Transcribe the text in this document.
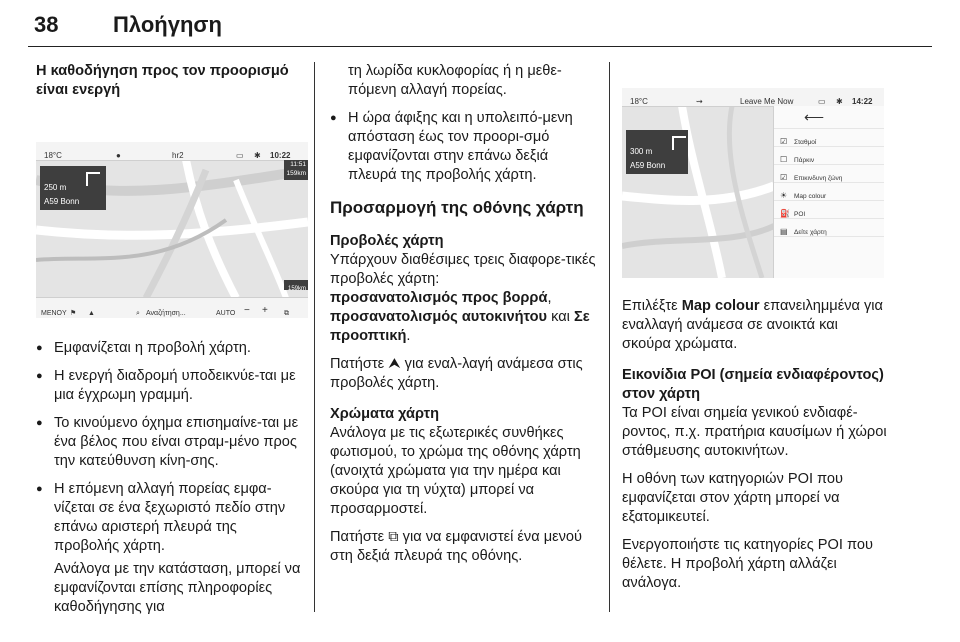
38 Πλοήγηση
Η καθοδήγηση προς τον προορισμό είναι ενεργή
18°C	●	hr2	▭ ✱ 10:22
250 m
A59 Bonn
11:51
159km
159km
MENOY ⚑ ▲	⌕ Αναζήτηση...	AUTO − + ⧉

● Εμφανίζεται η προβολή χάρτη.

● Η ενεργή διαδρομή υποδεικνύε-ται με μια έγχρωμη γραμμή.

● Το κινούμενο όχημα επισημαίνε-ται με ένα βέλος που είναι στραμ-μένο προς την κατεύθυνση κίνη-σης.

● Η επόμενη αλλαγή πορείας εμφα-νίζεται σε ένα ξεχωριστό πεδίο στην επάνω αριστερή πλευρά της προβολής χάρτη.

Ανάλογα με την κατάσταση, μπορεί να εμφανίζονται επίσης πληροφορίες καθοδήγησης για

τη λωρίδα κυκλοφορίας ή η μεθε-πόμενη αλλαγή πορείας.

● Η ώρα άφιξης και η υπολειπό-μενη απόσταση έως τον προορι-σμό εμφανίζονται στην επάνω δεξιά πλευρά της προβολής χάρτη.

Προσαρμογή της οθόνης χάρτη
Προβολές χάρτη

Υπάρχουν διαθέσιμες τρεις διαφορε-τικές προβολές χάρτη:
προσανατολισμός προς βορρά,
προσανατολισμός αυτοκινήτου και Σε προοπτική.

Πατήστε ⮝ για εναλ-λαγή ανάμεσα στις προβολές χάρτη.

Χρώματα χάρτη

Ανάλογα με τις εξωτερικές συνθήκες φωτισμού, το χρώμα της οθόνης χάρτη (ανοιχτά χρώματα για την ημέρα και σκούρα για τη νύχτα) μπορεί να προσαρμοστεί.

Πατήστε ⧉ για να εμφανιστεί ένα μενού στη δεξιά πλευρά της οθόνης.

18°C	⇝	Leave Me Now	▭ ✱ 14:22
300 m
A59 Bonn
⟵
☑ Σταθμοί
☐ Πάρκιν
☑ Επικινδυνη ζώνη
☀ Map colour
⛽ POI
▤ Δείτε χάρτη

Επιλέξτε Map colour επανειλημμένα για εναλλαγή ανάμεσα σε ανοικτά και σκούρα χρώματα.

Εικονίδια POI (σημεία ενδιαφέροντος) στον χάρτη

Τα POI είναι σημεία γενικού ενδιαφέ-ροντος, π.χ. πρατήρια καυσίμων ή χώροι στάθμευσης αυτοκινήτων.

Η οθόνη των κατηγοριών POI που εμφανίζεται στον χάρτη μπορεί να εξατομικευτεί.

Ενεργοποιήστε τις κατηγορίες POI που θέλετε. Η προβολή χάρτη αλλάζει ανάλογα.
